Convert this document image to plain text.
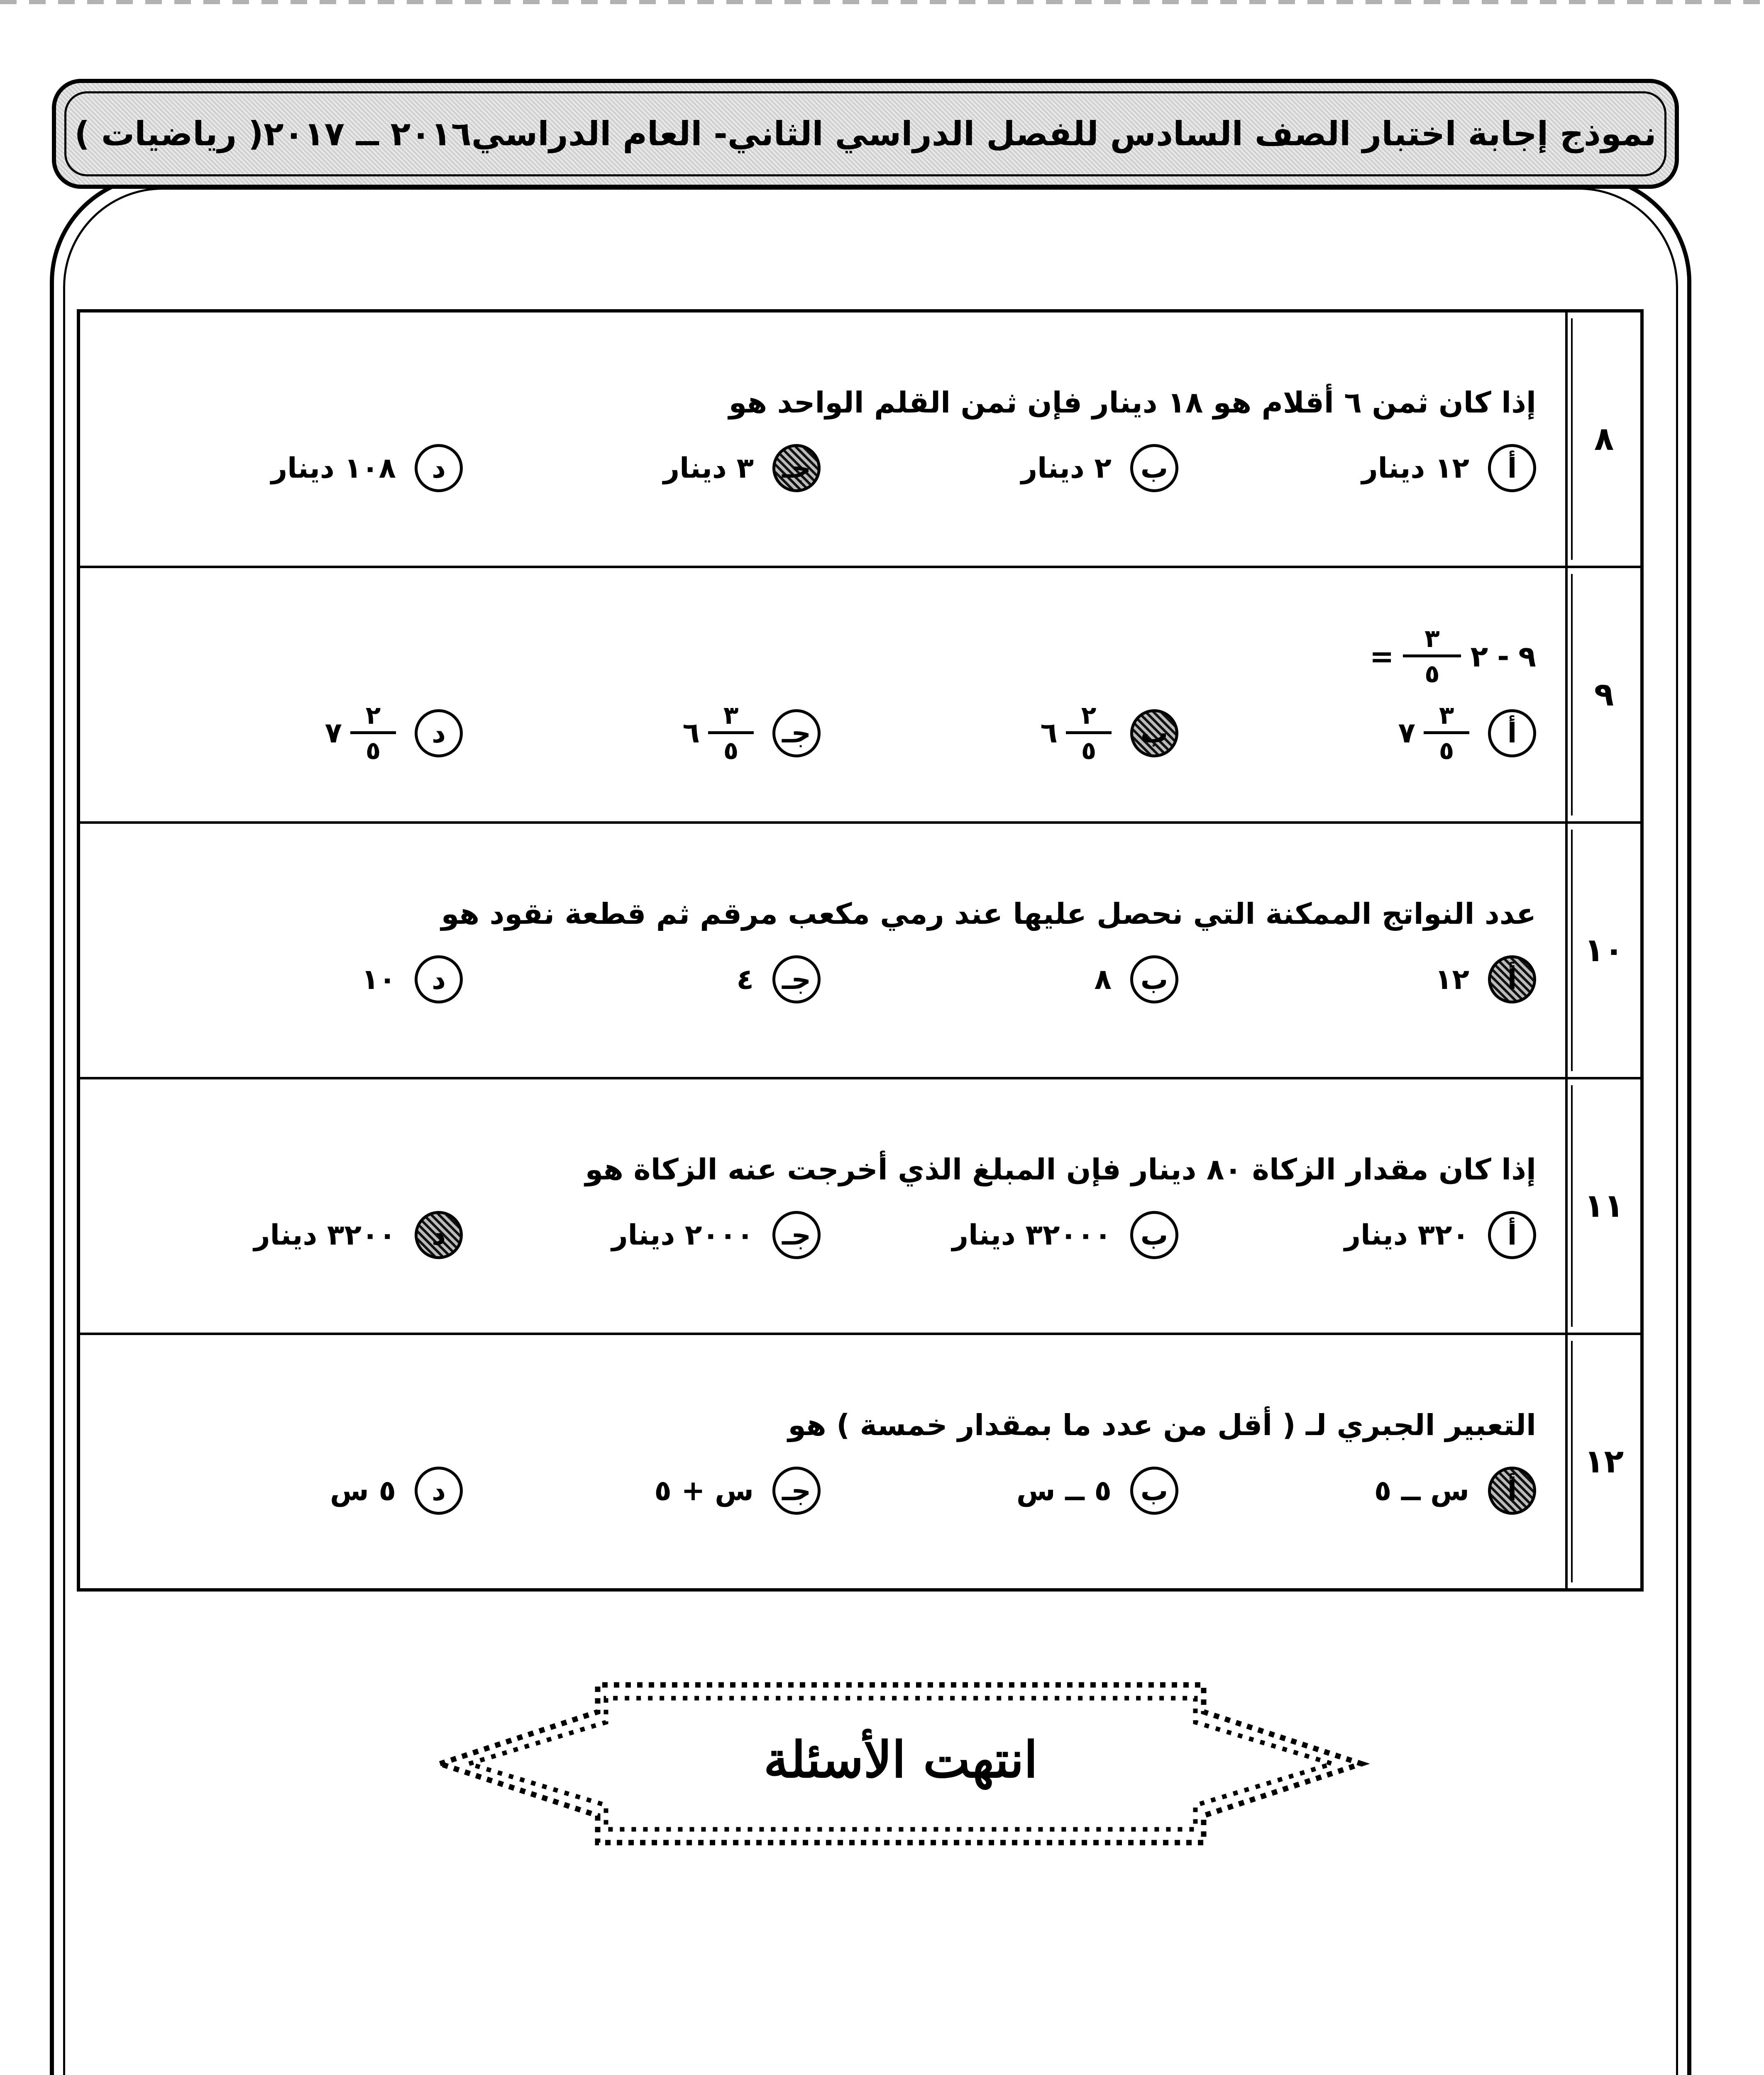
نموذج إجابة اختبار الصف السادس للفصل الدراسي الثاني- العام الدراسي٢٠١٦ ــ ٢٠١٧( رياضيات )
٨
إذا كان ثمن ٦ أقلام هو ١٨ دينار فإن ثمن القلم الواحد هو
أ
١٢ دينار
ب
٢ دينار
جـ
٣ دينار
د
١٠٨ دينار
٩
٩
-
٢
٣
٥
=
أ
٣
٥
٧
ب
٢
٥
٦
جـ
٣
٥
٦
د
٢
٥
٧
١٠
عدد النواتج الممكنة التي نحصل عليها عند رمي مكعب مرقم ثم قطعة نقود هو
أ
١٢
ب
٨
جـ
٤
د
١٠
١١
إذا كان مقدار الزكاة ٨٠ دينار فإن المبلغ الذي أخرجت عنه الزكاة هو
أ
٣٢٠ دينار
ب
٣٢٠٠٠ دينار
جـ
٢٠٠٠ دينار
د
٣٢٠٠ دينار
١٢
التعبير الجبري لـ ( أقل من عدد ما بمقدار خمسة ) هو
أ
س ــ ٥
ب
٥ ــ س
جـ
س + ٥
د
٥ س
انتهت الأسئلة
